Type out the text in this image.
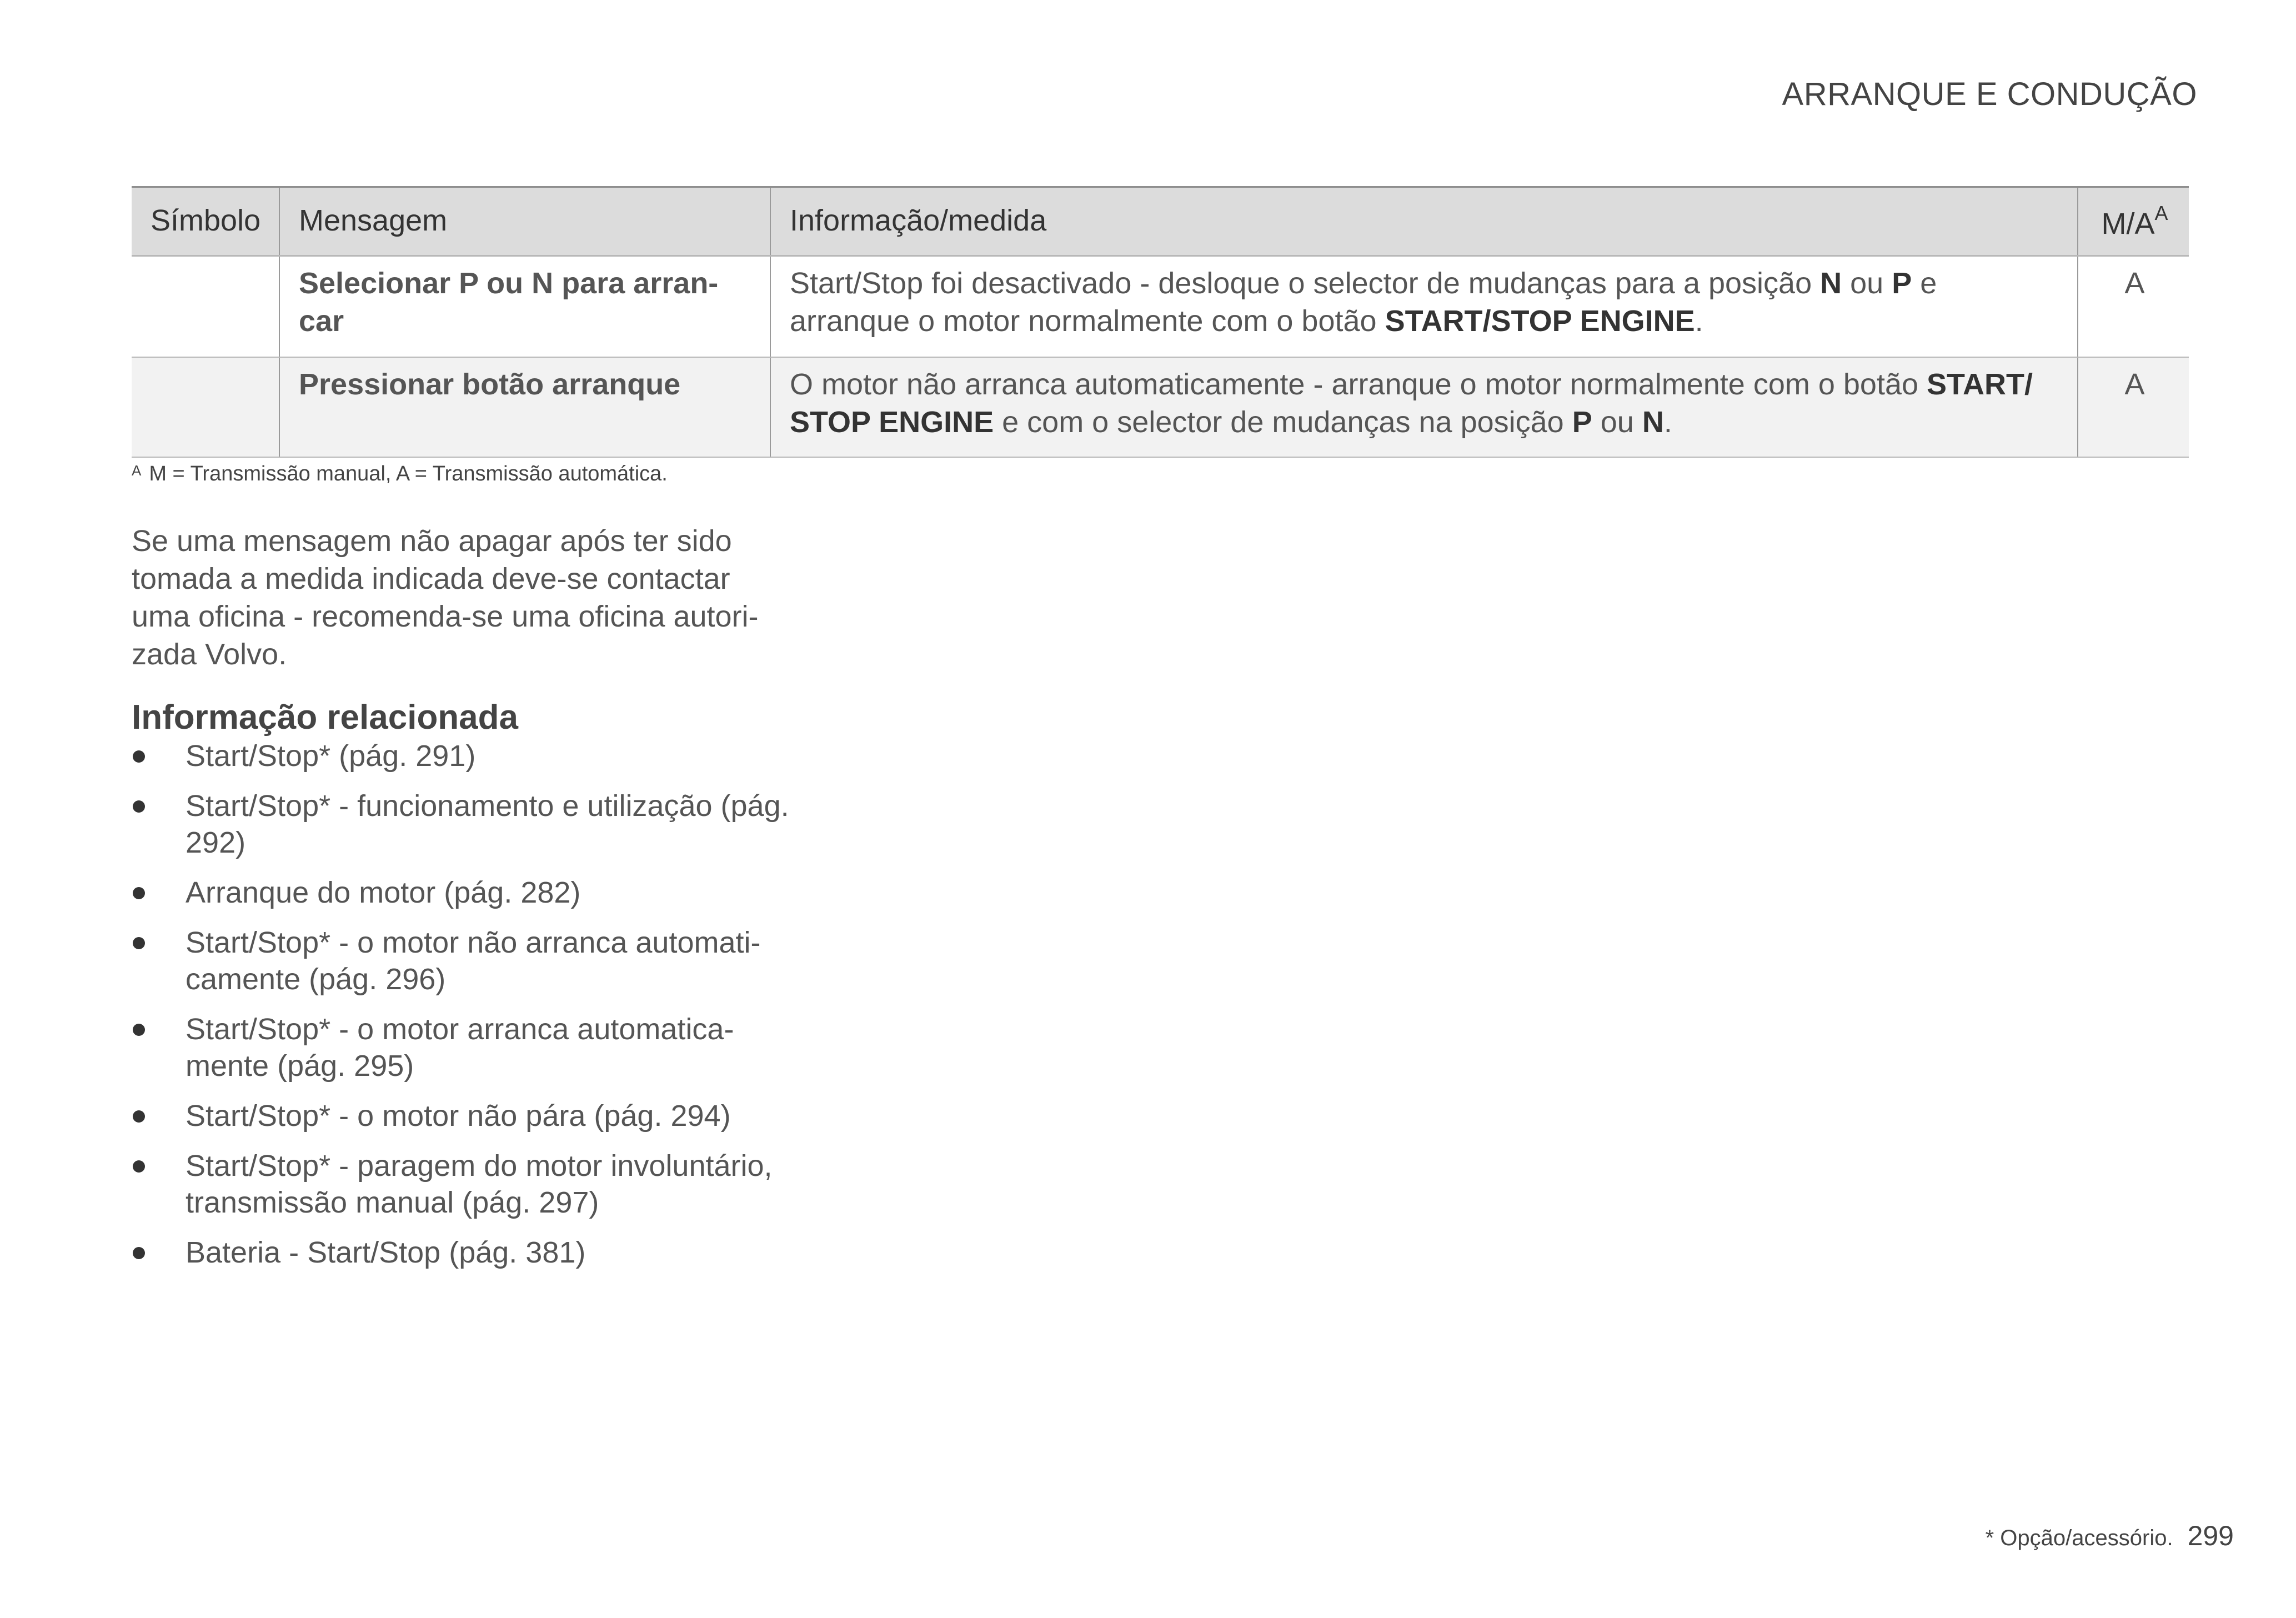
ARRANQUE E CONDUÇÃO
Símbolo	Mensagem	Informação/medida	$M/A^A$
	Selecionar P ou N para arran-car	Start/Stop foi desactivado - desloque o selector de mudanças para a posição N ou P e arranque o motor normalmente com o botão START/STOP ENGINE.	A
	Pressionar botão arranque	O motor não arranca automaticamente - arranque o motor normalmente com o botão START/ STOP ENGINE e com o selector de mudanças na posição P ou N.	A
$^A$ M = Transmissão manual, A = Transmissão automática.
Se uma mensagem não apagar após ter sido tomada a medida indicada deve-se contactar uma oficina - recomenda-se uma oficina autori-zada Volvo.
Informação relacionada
Start/Stop* (pág. 291)
Start/Stop* - funcionamento e utilização (pág. 292)
Arranque do motor (pág. 282)
Start/Stop* - o motor não arranca automati-camente (pág. 296)
Start/Stop* - o motor arranca automatica-mente (pág. 295)
Start/Stop* - o motor não pára (pág. 294)
Start/Stop* - paragem do motor involuntário, transmissão manual (pág. 297)
Bateria - Start/Stop (pág. 381)
* Opção/acessório. 299
